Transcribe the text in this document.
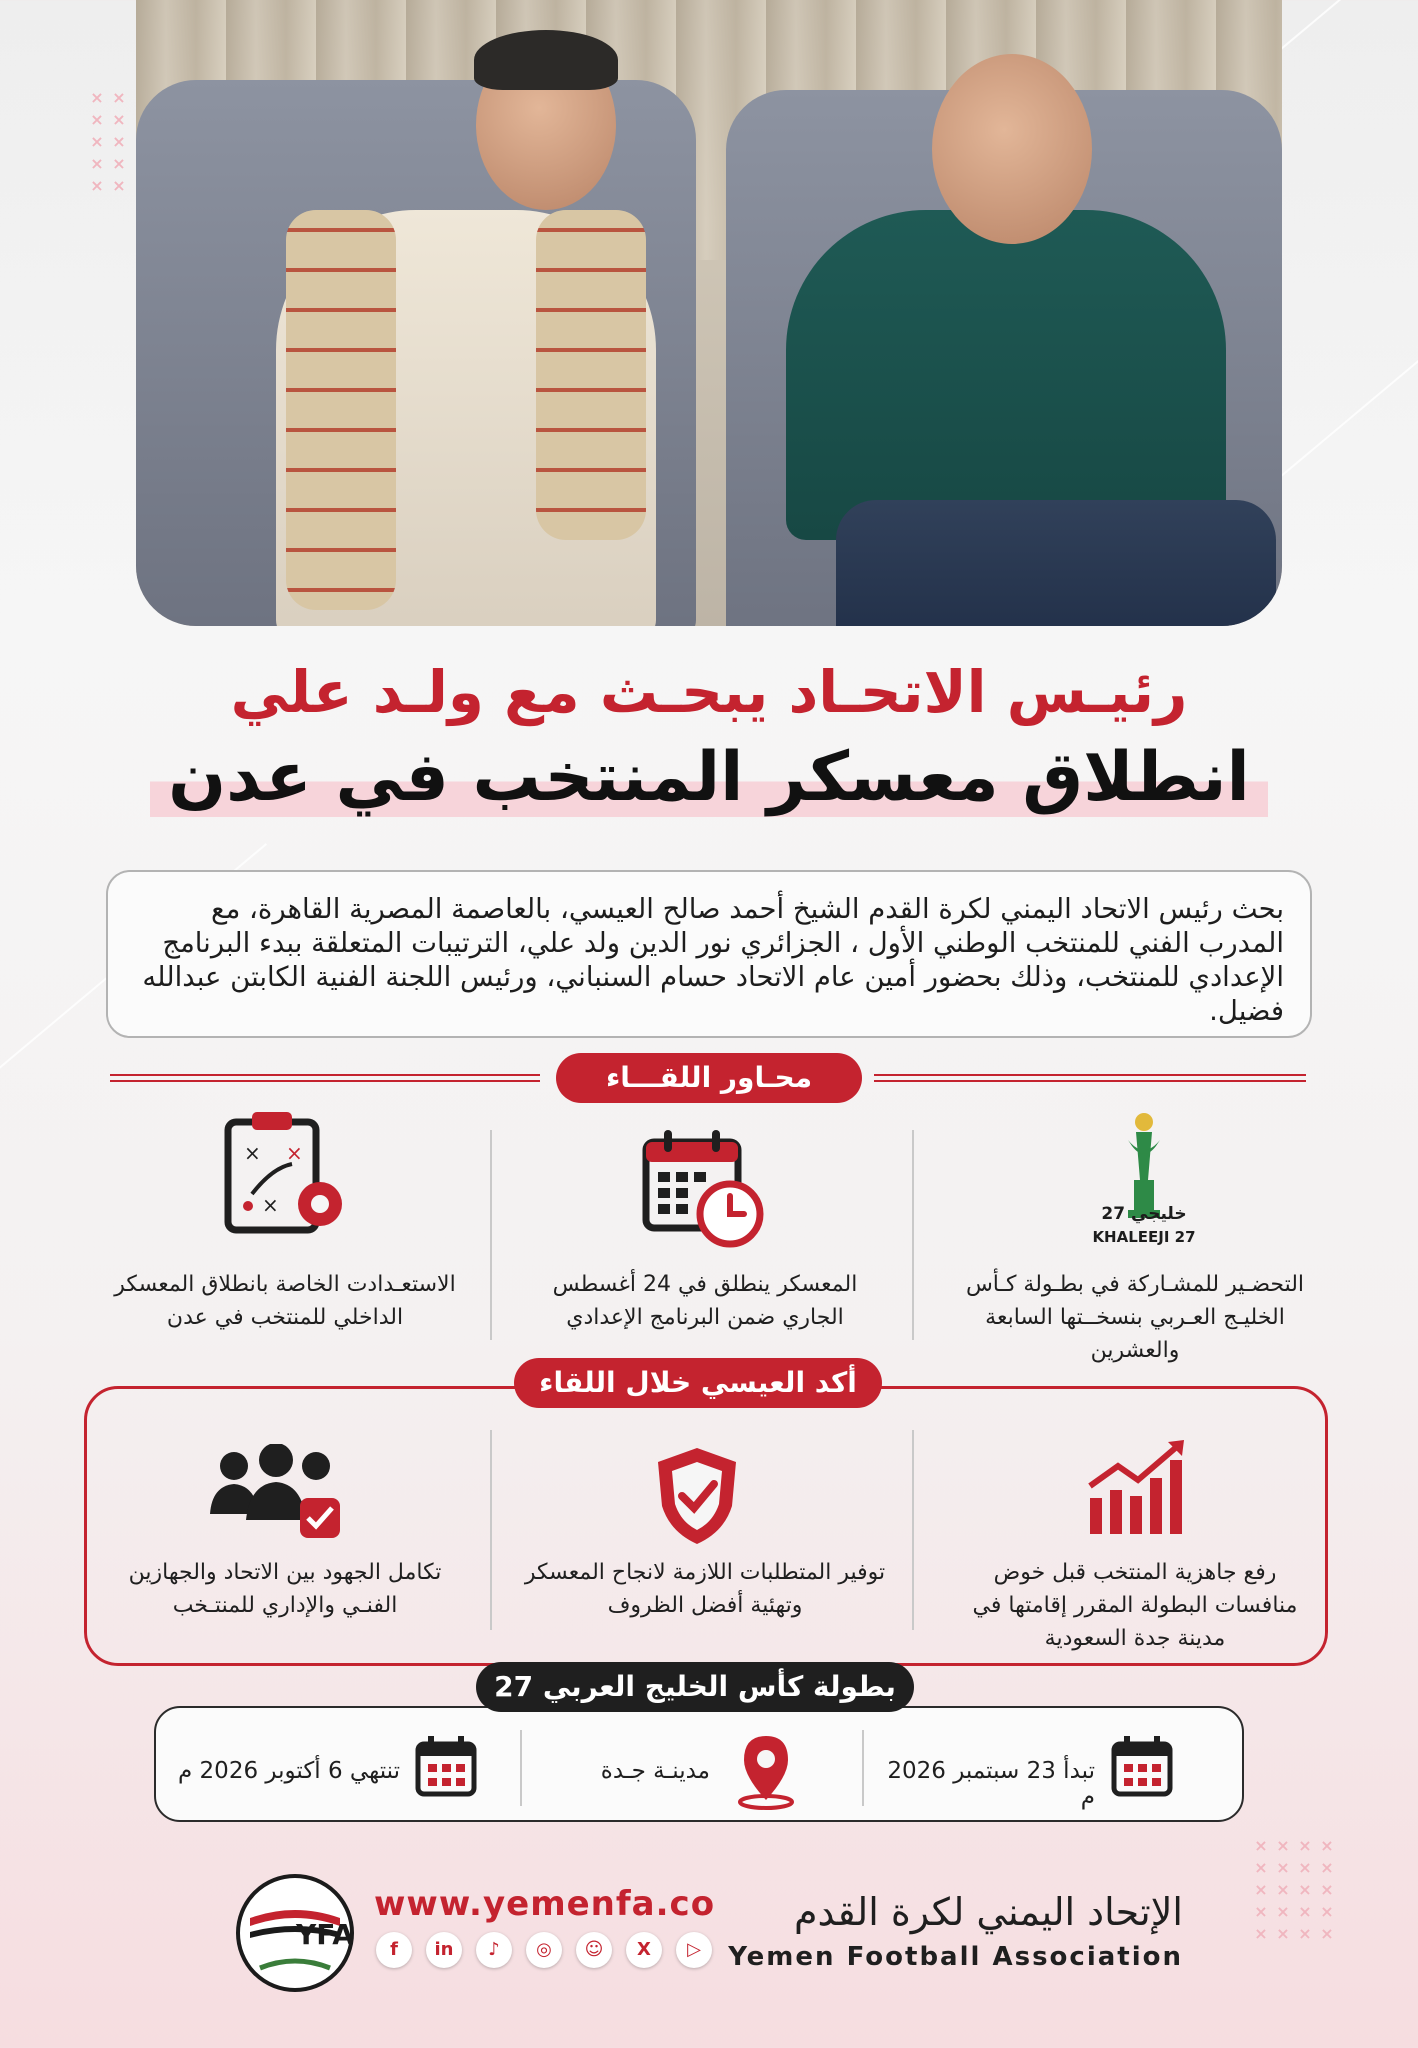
× ×
× ×
× ×
× ×
× ×
× × × ×
× × × ×
× × × ×
× × × ×
× × × ×
رئيـس الاتحـاد يبحـث مع ولـد علي
انطلاق معسكر المنتخب في عدن
بحث رئيس الاتحاد اليمني لكرة القدم الشيخ أحمد صالح العيسي، بالعاصمة المصرية القاهرة، مع المدرب الفني للمنتخب الوطني الأول ، الجزائري نور الدين ولد علي، الترتيبات المتعلقة ببدء البرنامج الإعدادي للمنتخب، وذلك بحضور أمين عام الاتحاد حسام السنباني، ورئيس اللجنة الفنية الكابتن عبدالله فضيل.
محـاور اللقـــاء
خليجي 27
KHALEEJI 27
التحضـير للمشـاركة في بطـولة كـأس الخليـج العـربي بنسخــتها السابعة والعشرين
المعسكر ينطلق في 24 أغسطس الجاري ضمن البرنامج الإعدادي
× ×
×
الاستعـدادت الخاصة بانطلاق المعسكر الداخلي للمنتخب في عدن
أكد العيسي خلال اللقاء
رفع جاهزية المنتخب قبل خوض منافسات البطولة المقرر إقامتها في مدينة جدة السعودية
توفير المتطلبات اللازمة لانجاح المعسكر وتهئية أفضل الظروف
تكامل الجهود بين الاتحاد والجهازين الفنـي والإداري للمنتـخب
بطولة كأس الخليج العربي 27
تبدأ 23 سبتمبر 2026 م
مدينـة جـدة
تنتهي 6 أكتوبر 2026 م
الإتحاد اليمني لكرة القدم
Yemen Football Association
www.yemenfa.co
f	in	♪	◎	☺	X	▷
YFA
